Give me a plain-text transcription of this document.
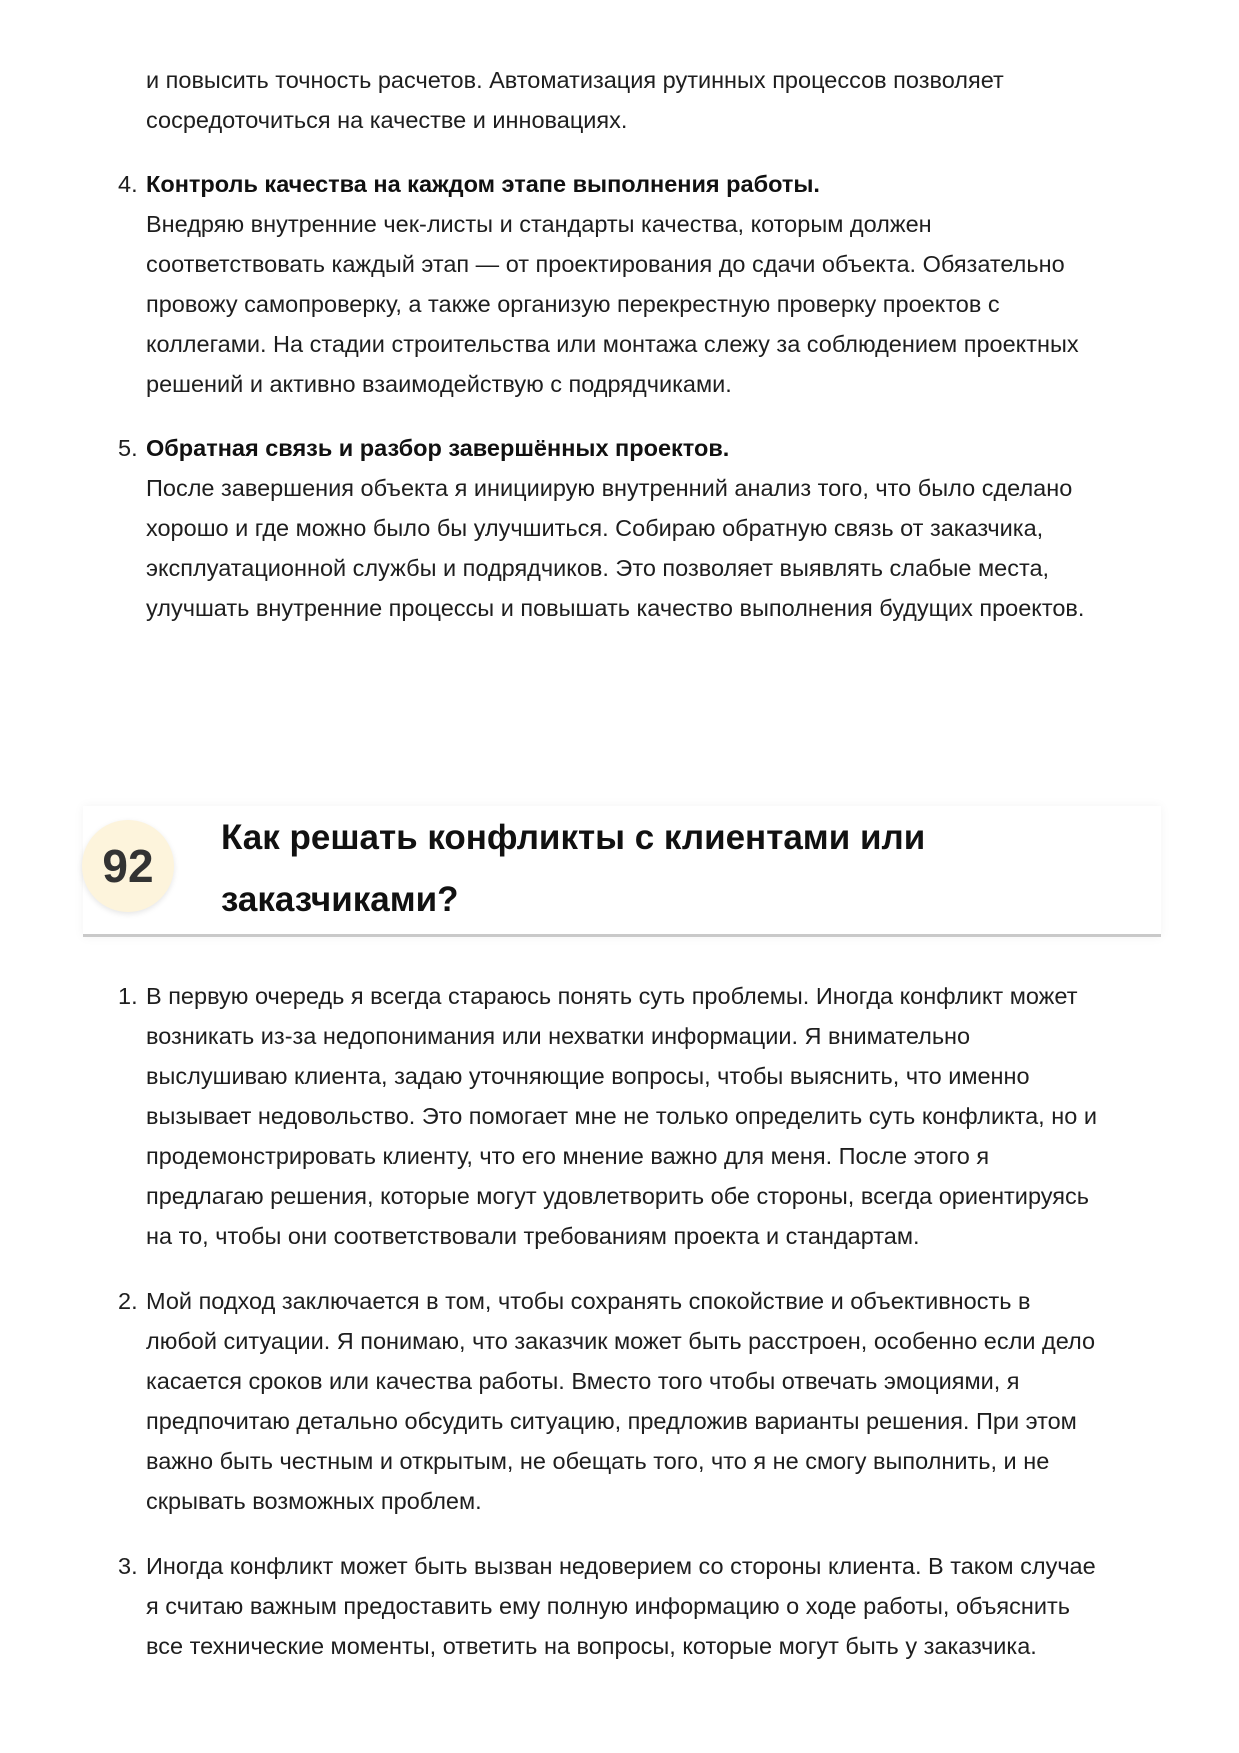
и повысить точность расчетов. Автоматизация рутинных процессов позволяет
сосредоточиться на качестве и инновациях.
4. Контроль качества на каждом этапе выполнения работы.
Внедряю внутренние чек-листы и стандарты качества, которым должен
соответствовать каждый этап — от проектирования до сдачи объекта. Обязательно
провожу самопроверку, а также организую перекрестную проверку проектов с
коллегами. На стадии строительства или монтажа слежу за соблюдением проектных
решений и активно взаимодействую с подрядчиками.
5. Обратная связь и разбор завершённых проектов.
После завершения объекта я инициирую внутренний анализ того, что было сделано
хорошо и где можно было бы улучшиться. Собираю обратную связь от заказчика,
эксплуатационной службы и подрядчиков. Это позволяет выявлять слабые места,
улучшать внутренние процессы и повышать качество выполнения будущих проектов.
92
Как решать конфликты с клиентами или
заказчиками?
1. В первую очередь я всегда стараюсь понять суть проблемы. Иногда конфликт может
возникать из-за недопонимания или нехватки информации. Я внимательно
выслушиваю клиента, задаю уточняющие вопросы, чтобы выяснить, что именно
вызывает недовольство. Это помогает мне не только определить суть конфликта, но и
продемонстрировать клиенту, что его мнение важно для меня. После этого я
предлагаю решения, которые могут удовлетворить обе стороны, всегда ориентируясь
на то, чтобы они соответствовали требованиям проекта и стандартам.
2. Мой подход заключается в том, чтобы сохранять спокойствие и объективность в
любой ситуации. Я понимаю, что заказчик может быть расстроен, особенно если дело
касается сроков или качества работы. Вместо того чтобы отвечать эмоциями, я
предпочитаю детально обсудить ситуацию, предложив варианты решения. При этом
важно быть честным и открытым, не обещать того, что я не смогу выполнить, и не
скрывать возможных проблем.
3. Иногда конфликт может быть вызван недоверием со стороны клиента. В таком случае
я считаю важным предоставить ему полную информацию о ходе работы, объяснить
все технические моменты, ответить на вопросы, которые могут быть у заказчика.
